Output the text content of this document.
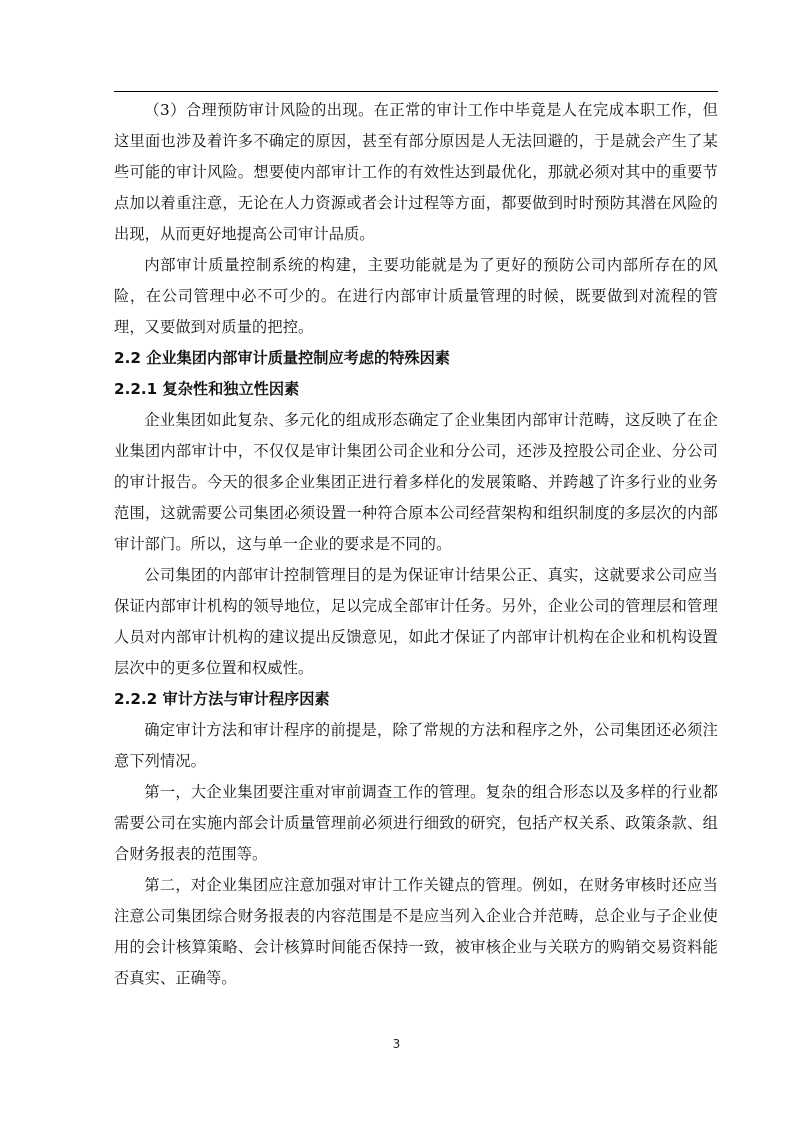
（3）合理预防审计风险的出现。在正常的审计工作中毕竟是人在完成本职工作，但这里面也涉及着许多不确定的原因，甚至有部分原因是人无法回避的，于是就会产生了某些可能的审计风险。想要使内部审计工作的有效性达到最优化，那就必须对其中的重要节点加以着重注意，无论在人力资源或者会计过程等方面，都要做到时时预防其潜在风险的出现，从而更好地提高公司审计品质。

内部审计质量控制系统的构建，主要功能就是为了更好的预防公司内部所存在的风险，在公司管理中必不可少的。在进行内部审计质量管理的时候，既要做到对流程的管理，又要做到对质量的把控。

2.2 企业集团内部审计质量控制应考虑的特殊因素
2.2.1 复杂性和独立性因素

企业集团如此复杂、多元化的组成形态确定了企业集团内部审计范畴，这反映了在企业集团内部审计中，不仅仅是审计集团公司企业和分公司，还涉及控股公司企业、分公司的审计报告。今天的很多企业集团正进行着多样化的发展策略、并跨越了许多行业的业务范围，这就需要公司集团必须设置一种符合原本公司经营架构和组织制度的多层次的内部审计部门。所以，这与单一企业的要求是不同的。

公司集团的内部审计控制管理目的是为保证审计结果公正、真实，这就要求公司应当保证内部审计机构的领导地位，足以完成全部审计任务。另外，企业公司的管理层和管理人员对内部审计机构的建议提出反馈意见，如此才保证了内部审计机构在企业和机构设置层次中的更多位置和权威性。

2.2.2 审计方法与审计程序因素

确定审计方法和审计程序的前提是，除了常规的方法和程序之外，公司集团还必须注意下列情况。

第一，大企业集团要注重对审前调查工作的管理。复杂的组合形态以及多样的行业都需要公司在实施内部会计质量管理前必须进行细致的研究，包括产权关系、政策条款、组合财务报表的范围等。

第二，对企业集团应注意加强对审计工作关键点的管理。例如，在财务审核时还应当注意公司集团综合财务报表的内容范围是不是应当列入企业合并范畴，总企业与子企业使用的会计核算策略、会计核算时间能否保持一致，被审核企业与关联方的购销交易资料能否真实、正确等。

3
